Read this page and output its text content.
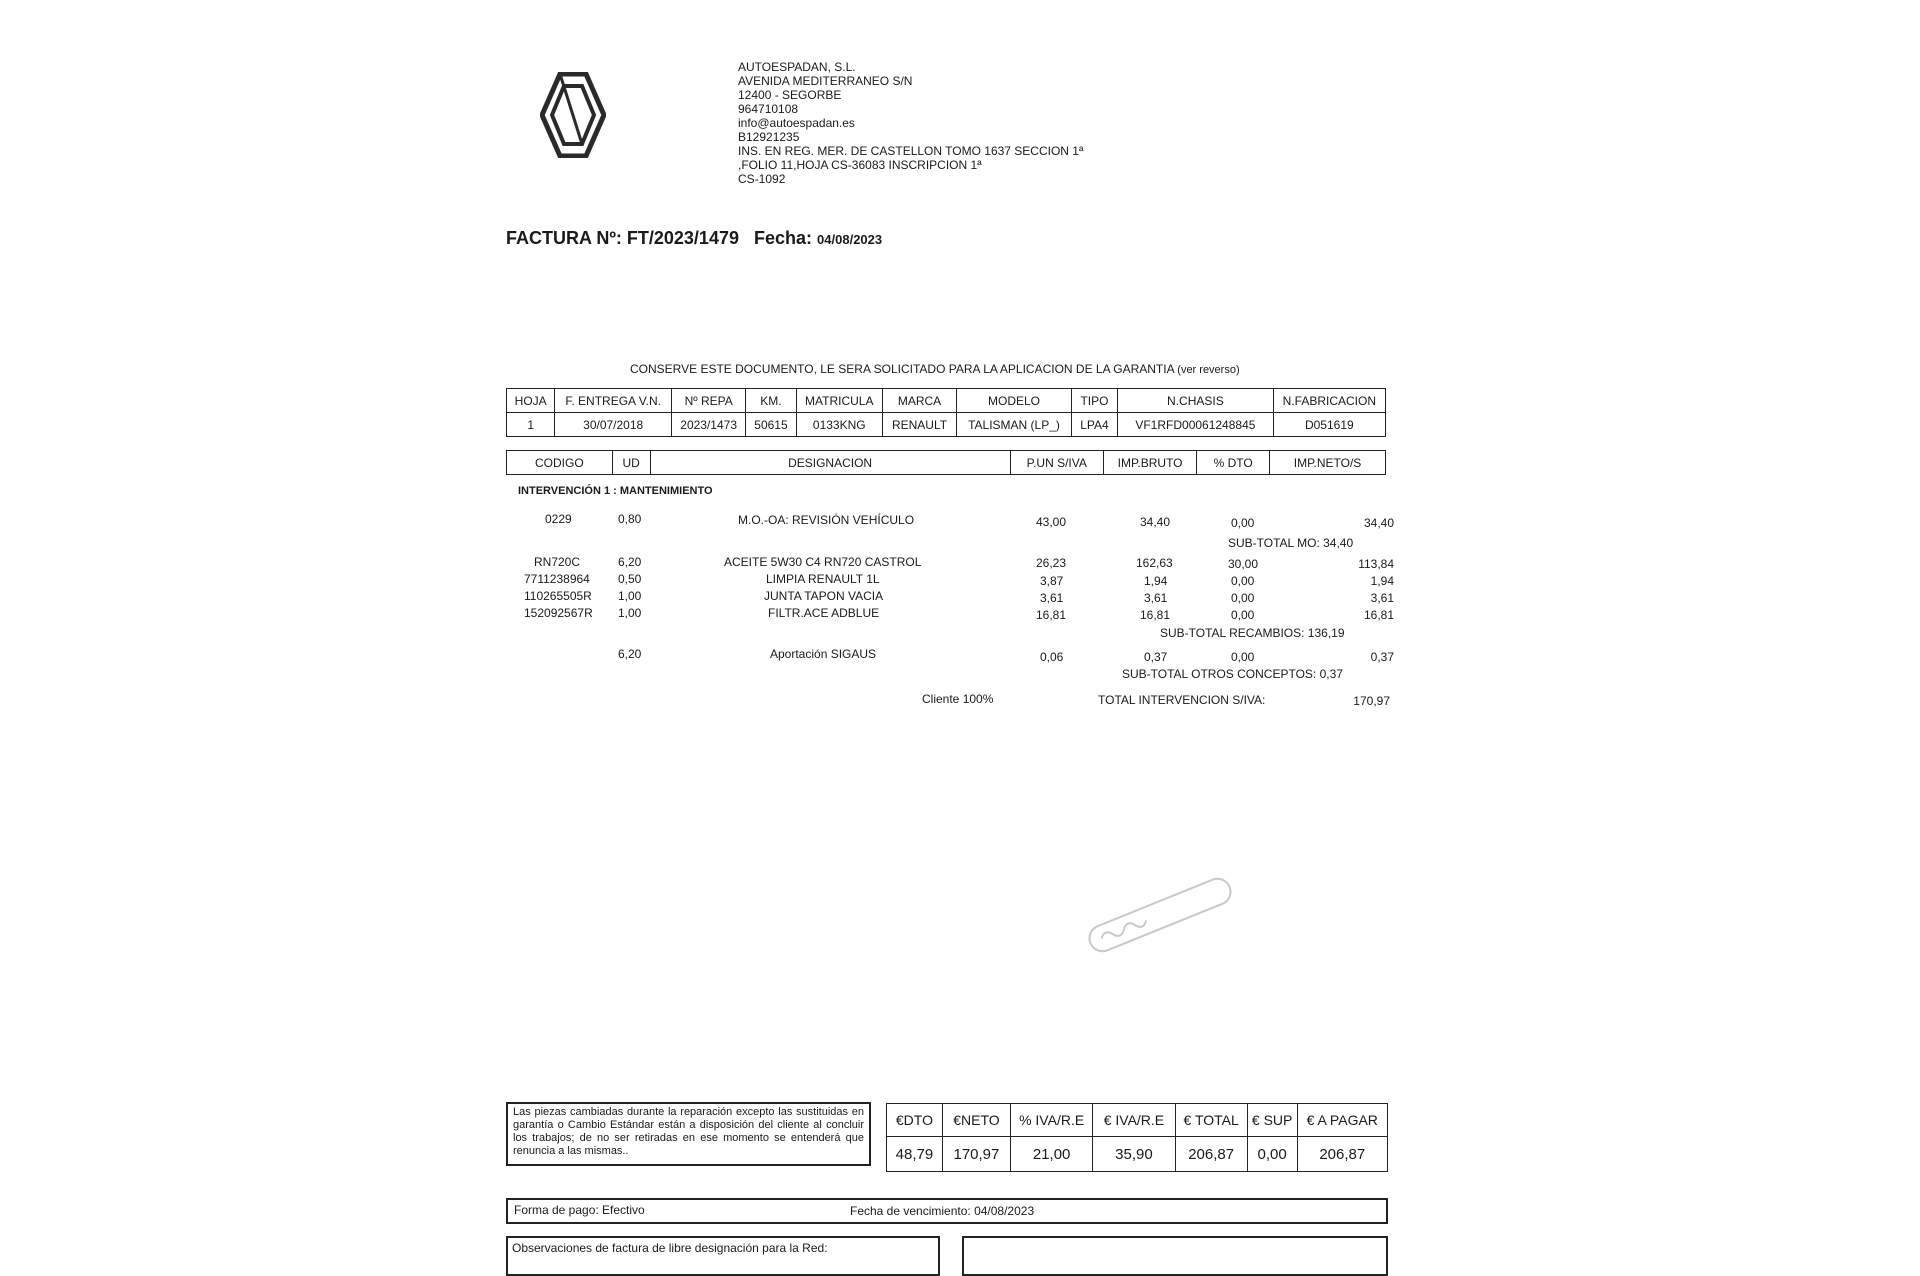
AUTOESPADAN, S.L.
AVENIDA MEDITERRANEO S/N
12400 - SEGORBE
964710108
info@autoespadan.es
B12921235
INS. EN REG. MER. DE CASTELLON TOMO 1637 SECCION 1ª
,FOLIO 11,HOJA CS-36083 INSCRIPCION 1ª
CS-1092
FACTURA Nº: FT/2023/1479 Fecha: 04/08/2023
CONSERVE ESTE DOCUMENTO, LE SERA SOLICITADO PARA LA APLICACION DE LA GARANTIA (ver reverso)
HOJA	F. ENTREGA V.N.	Nº REPA	KM.	MATRICULA	MARCA	MODELO	TIPO	N.CHASIS	N.FABRICACION
1	30/07/2018	2023/1473	50615	0133KNG	RENAULT	TALISMAN (LP_)	LPA4	VF1RFD00061248845	D051619
CODIGO	UD	DESIGNACION	P.UN S/IVA	IMP.BRUTO	% DTO	IMP.NETO/S
INTERVENCIÓN 1 : MANTENIMIENTO
0229	0,80	M.O.-OA: REVISIÓN VEHÍCULO	43,00	34,40	0,00	34,40
SUB-TOTAL MO: 34,40
RN720C	6,20	ACEITE 5W30 C4 RN720 CASTROL	26,23	162,63	30,00	113,84
7711238964 0,50	LIMPIA RENAULT 1L	3,87	1,94	0,00	1,94
110265505R 1,00	JUNTA TAPON VACIA	3,61	3,61	0,00	3,61
152092567R 1,00	FILTR.ACE ADBLUE	16,81	16,81	0,00	16,81
SUB-TOTAL RECAMBIOS: 136,19
6,20	Aportación SIGAUS	0,06	0,37	0,00	0,37
SUB-TOTAL OTROS CONCEPTOS: 0,37
Cliente 100%	TOTAL INTERVENCION S/IVA:	170,97
Las piezas cambiadas durante la reparación excepto las sustituidas en garantía o Cambio Estándar están a disposición del cliente al concluir los trabajos; de no ser retiradas en ese momento se entenderá que renuncia a las mismas..
€DTO	€NETO	% IVA/R.E	€ IVA/R.E	€ TOTAL	€ SUP	€ A PAGAR
48,79	170,97	21,00	35,90	206,87	0,00	206,87
Forma de pago: Efectivo	Fecha de vencimiento: 04/08/2023
Observaciones de factura de libre designación para la Red:
